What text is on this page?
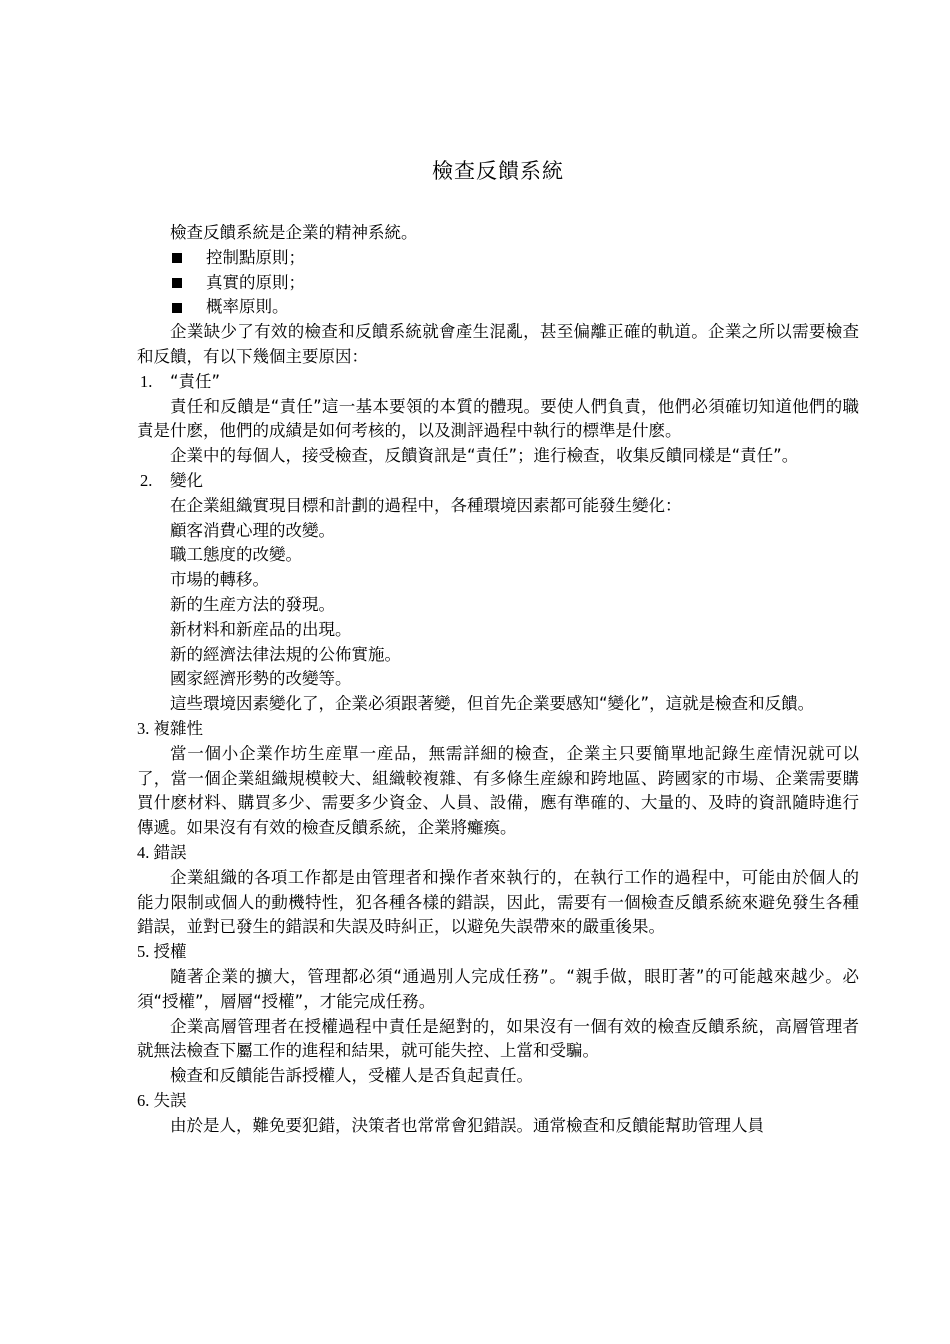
檢查反饋系統

檢查反饋系統是企業的精神系統。

控制點原則；
真實的原則；
概率原則。

企業缺少了有效的檢查和反饋系統就會產生混亂，甚至偏離正確的軌道。企業之所以需要檢查和反饋，有以下幾個主要原因：

1.	“責任”

責任和反饋是“責任”這一基本要領的本質的體現。要使人們負責，他們必須確切知道他們的職責是什麽，他們的成績是如何考核的，以及測評過程中執行的標準是什麽。

企業中的每個人，接受檢查，反饋資訊是“責任”；進行檢查，收集反饋同樣是“責任”。

2.	變化

在企業組織實現目標和計劃的過程中，各種環境因素都可能發生變化：

顧客消費心理的改變。

職工態度的改變。

市場的轉移。

新的生産方法的發現。

新材料和新産品的出現。

新的經濟法律法規的公佈實施。

國家經濟形勢的改變等。

這些環境因素變化了，企業必須跟著變，但首先企業要感知“變化”，這就是檢查和反饋。

3. 複雜性

當一個小企業作坊生産單一産品，無需詳細的檢查，企業主只要簡單地記錄生産情況就可以了，當一個企業組織規模較大、組織較複雜、有多條生産線和跨地區、跨國家的市場、企業需要購買什麽材料、購買多少、需要多少資金、人員、設備，應有準確的、大量的、及時的資訊隨時進行傳遞。如果沒有有效的檢查反饋系統，企業將癱瘓。

4. 錯誤

企業組織的各項工作都是由管理者和操作者來執行的，在執行工作的過程中，可能由於個人的能力限制或個人的動機特性，犯各種各樣的錯誤，因此，需要有一個檢查反饋系統來避免發生各種錯誤，並對已發生的錯誤和失誤及時糾正，以避免失誤帶來的嚴重後果。

5. 授權

隨著企業的擴大，管理都必須“通過別人完成任務”。“親手做，眼盯著”的可能越來越少。必須“授權”，層層“授權”，才能完成任務。

企業高層管理者在授權過程中責任是絕對的，如果沒有一個有效的檢查反饋系統，高層管理者就無法檢查下屬工作的進程和結果，就可能失控、上當和受騙。

檢查和反饋能告訴授權人，受權人是否負起責任。

6. 失誤

由於是人，難免要犯錯，決策者也常常會犯錯誤。通常檢查和反饋能幫助管理人員
